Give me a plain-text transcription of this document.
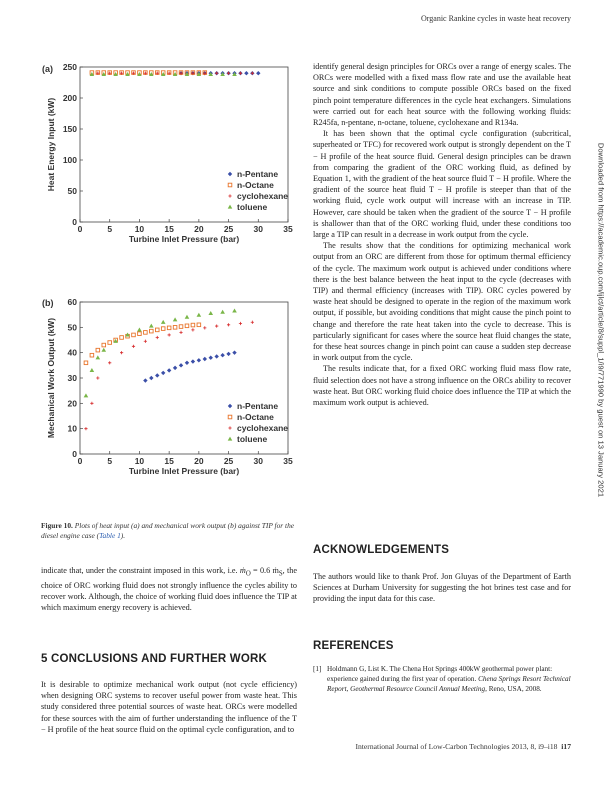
Organic Rankine cycles in waste heat recovery
(a)
0	5	10 15 20 25 30 35
0
50
100
150
200
250
Turbine Inlet Pressure (bar)
Heat Energy Input (kW)	n-Pentane
n-Octane
cyclohexane
toluene
(b)
0	5	10 15 20 25 30 35
0
10
20
30
40
50
60
Turbine Inlet Pressure (bar)
Mechanical Work Output (kW)	n-Pentane
n-Octane
cyclohexane
toluene
Figure 10. Plots of heat input (a) and mechanical work output (b) against TIP for the diesel engine case (Table 1).

indicate that, under the constraint imposed in this work, i.e. ṁ$_O$ = 0.6 ṁ$_S$, the choice of ORC working fluid does not strongly influence the cycles ability to recover work. Although, the choice of working fluid does influence the TIP at which maximum energy recovery is achieved.

5 CONCLUSIONS AND FURTHER WORK

It is desirable to optimize mechanical work output (not cycle efficiency) when designing ORC systems to recover useful power from waste heat. This study considered three potential sources of waste heat. ORCs were modelled for these sources with the aim of further understanding the influence of the T − H profile of the heat source fluid on the optimal cycle configuration, and to

identify general design principles for ORCs over a range of energy scales. The ORCs were modelled with a fixed mass flow rate and use the available heat source and sink conditions to compute possible ORCs based on the fixed pinch point temperature differences in the cycle heat exchangers. Simulations were carried out for each heat source with the following working fluids: R245fa, n-pentane, n-octane, toluene, cyclohexane and R134a.

It has been shown that the optimal cycle configuration (subcritical, superheated or TFC) for recovered work output is strongly dependent on the T − H profile of the heat source fluid. General design principles can be drawn from comparing the gradient of the ORC working fluid, as defined by Equation 1, with the gradient of the heat source fluid T − H profile. Where the gradient of the source heat fluid T − H profile is steeper than that of the working fluid, cycle work output will increase with an increase in TIP. However, care should be taken when the gradient of the source T − H profile is shallower than that of the ORC working fluid, under these conditions too large a TIP can result in a decrease in work output from the cycle.

The results show that the conditions for optimizing mechanical work output from an ORC are different from those for optimum thermal efficiency of the cycle. The maximum work output is achieved under conditions where there is the best balance between the heat input to the cycle (decreases with TIP) and thermal efficiency (increases with TIP). ORC cycles powered by waste heat should be designed to operate in the region of the maximum work output, if possible, but avoiding conditions that might cause the pinch point to change and therefore the rate heat taken into the cycle to decrease. This is particularly significant for cases where the source heat fluid changes the state, for these heat sources change in pinch point can cause a sudden step decrease in work output from the cycle.

The results indicate that, for a fixed ORC working fluid mass flow rate, fluid selection does not have a strong influence on the ORCs ability to recover waste heat. But ORC working fluid choice does influence the TIP at which the maximum work output is achieved.

ACKNOWLEDGEMENTS

The authors would like to thank Prof. Jon Gluyas of the Department of Earth Sciences at Durham University for suggesting the hot brines test case and for providing the input data for this case.

REFERENCES
[1] Holdmann G, List K. The Chena Hot Springs 400kW geothermal power plant: experience gained during the first year of operation. Chena Springs Resort Technical Report, Geothermal Resource Council Annual Meeting, Reno, USA, 2008.
International Journal of Low-Carbon Technologies 2013, 8, i9–i18 i17
Downloaded from https://academic.oup.com/ijlct/article/8/suppl_1/i9/771990 by guest on 13 January 2021
